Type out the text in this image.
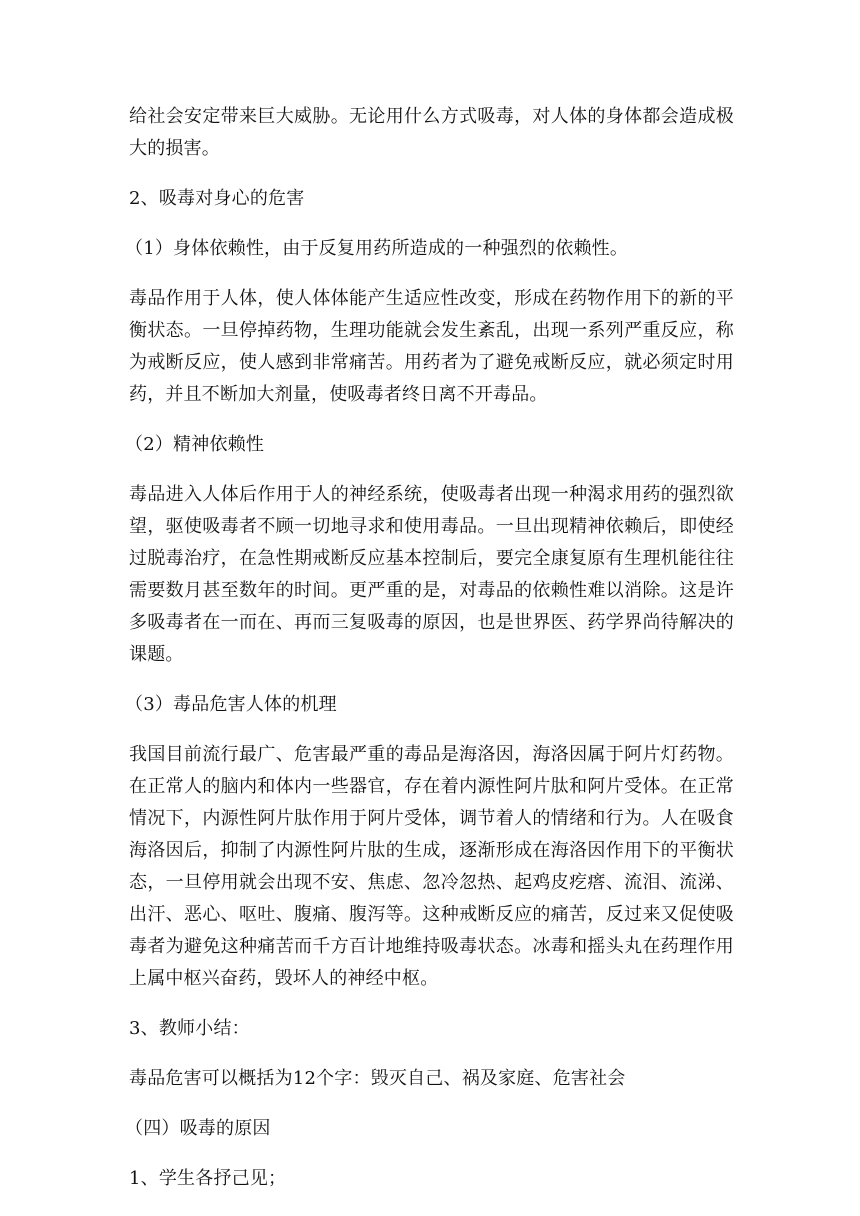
给社会安定带来巨大威胁。无论用什么方式吸毒，对人体的身体都会造成极大的损害。

2、吸毒对身心的危害

（1）身体依赖性，由于反复用药所造成的一种强烈的依赖性。

毒品作用于人体，使人体体能产生适应性改变，形成在药物作用下的新的平衡状态。一旦停掉药物，生理功能就会发生紊乱，出现一系列严重反应，称为戒断反应，使人感到非常痛苦。用药者为了避免戒断反应，就必须定时用药，并且不断加大剂量，使吸毒者终日离不开毒品。

（2）精神依赖性

毒品进入人体后作用于人的神经系统，使吸毒者出现一种渴求用药的强烈欲望，驱使吸毒者不顾一切地寻求和使用毒品。一旦出现精神依赖后，即使经过脱毒治疗，在急性期戒断反应基本控制后，要完全康复原有生理机能往往需要数月甚至数年的时间。更严重的是，对毒品的依赖性难以消除。这是许多吸毒者在一而在、再而三复吸毒的原因，也是世界医、药学界尚待解决的课题。

（3）毒品危害人体的机理

我国目前流行最广、危害最严重的毒品是海洛因，海洛因属于阿片灯药物。在正常人的脑内和体内一些器官，存在着内源性阿片肽和阿片受体。在正常情况下，内源性阿片肽作用于阿片受体，调节着人的情绪和行为。人在吸食海洛因后，抑制了内源性阿片肽的生成，逐渐形成在海洛因作用下的平衡状态，一旦停用就会出现不安、焦虑、忽冷忽热、起鸡皮疙瘩、流泪、流涕、出汗、恶心、呕吐、腹痛、腹泻等。这种戒断反应的痛苦，反过来又促使吸毒者为避免这种痛苦而千方百计地维持吸毒状态。冰毒和摇头丸在药理作用上属中枢兴奋药，毁坏人的神经中枢。

3、教师小结：

毒品危害可以概括为12个字：毁灭自己、祸及家庭、危害社会

（四）吸毒的原因

1、学生各抒己见；
